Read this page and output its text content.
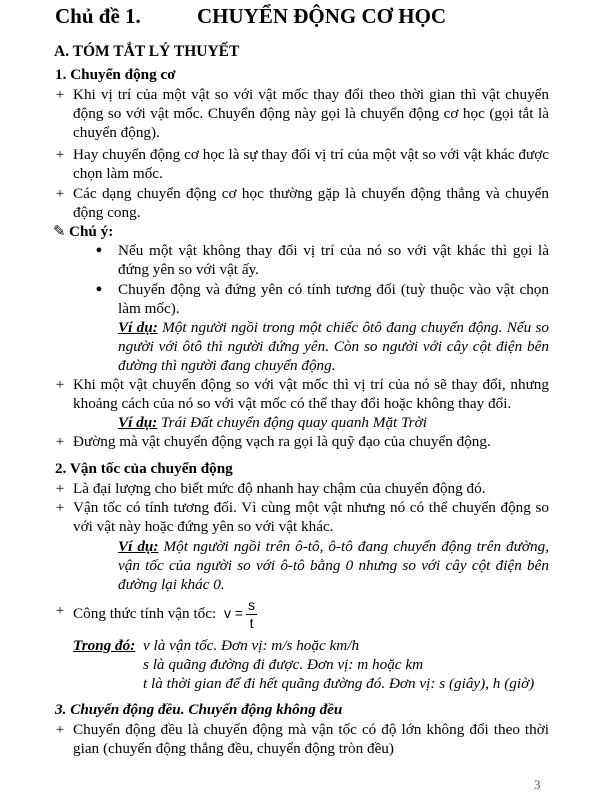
Chủ đề 1.	CHUYỂN ĐỘNG CƠ HỌC
A. TÓM TẮT LÝ THUYẾT
1. Chuyển động cơ
+ Khi vị trí của một vật so với vật mốc thay đổi theo thời gian thì vật chuyển động so với vật mốc. Chuyển động này gọi là chuyển động cơ học (gọi tắt là chuyển động).
+ Hay chuyển động cơ học là sự thay đổi vị trí của một vật so với vật khác được chọn làm mốc.
+ Các dạng chuyển động cơ học thường gặp là chuyển động thẳng và chuyển động cong.
✎ Chú ý:
● Nếu một vật không thay đổi vị trí của nó so với vật khác thì gọi là đứng yên so với vật ấy.
● Chuyển động và đứng yên có tính tương đối (tuỳ thuộc vào vật chọn làm mốc).
Ví dụ: Một người ngồi trong một chiếc ôtô đang chuyển động. Nếu so người với ôtô thì người đứng yên. Còn so người với cây cột điện bên đường thì người đang chuyển động.
+ Khi một vật chuyển động so với vật mốc thì vị trí của nó sẽ thay đổi, nhưng khoảng cách của nó so với vật mốc có thể thay đổi hoặc không thay đổi.
Ví dụ: Trái Đất chuyển động quay quanh Mặt Trời
+ Đường mà vật chuyển động vạch ra gọi là quỹ đạo của chuyển động.
2. Vận tốc của chuyển động
+ Là đại lượng cho biết mức độ nhanh hay chậm của chuyển động đó.
+ Vận tốc có tính tương đối. Vì cùng một vật nhưng nó có thể chuyển động so với vật này hoặc đứng yên so với vật khác.
Ví dụ: Một người ngồi trên ô-tô, ô-tô đang chuyển động trên đường, vận tốc của người so với ô-tô bằng 0 nhưng so với cây cột điện bên đường lại khác 0.
+ Công thức tính vận tốc: $v = \frac{s}{t}$
Trong đó: v là vận tốc. Đơn vị: m/s hoặc km/h
s là quãng đường đi được. Đơn vị: m hoặc km
t là thời gian để đi hết quãng đường đó. Đơn vị: s (giây), h (giờ)
3. Chuyển động đều. Chuyển động không đều
+ Chuyển động đều là chuyển động mà vận tốc có độ lớn không đổi theo thời gian (chuyển động thẳng đều, chuyển động tròn đều)
3
